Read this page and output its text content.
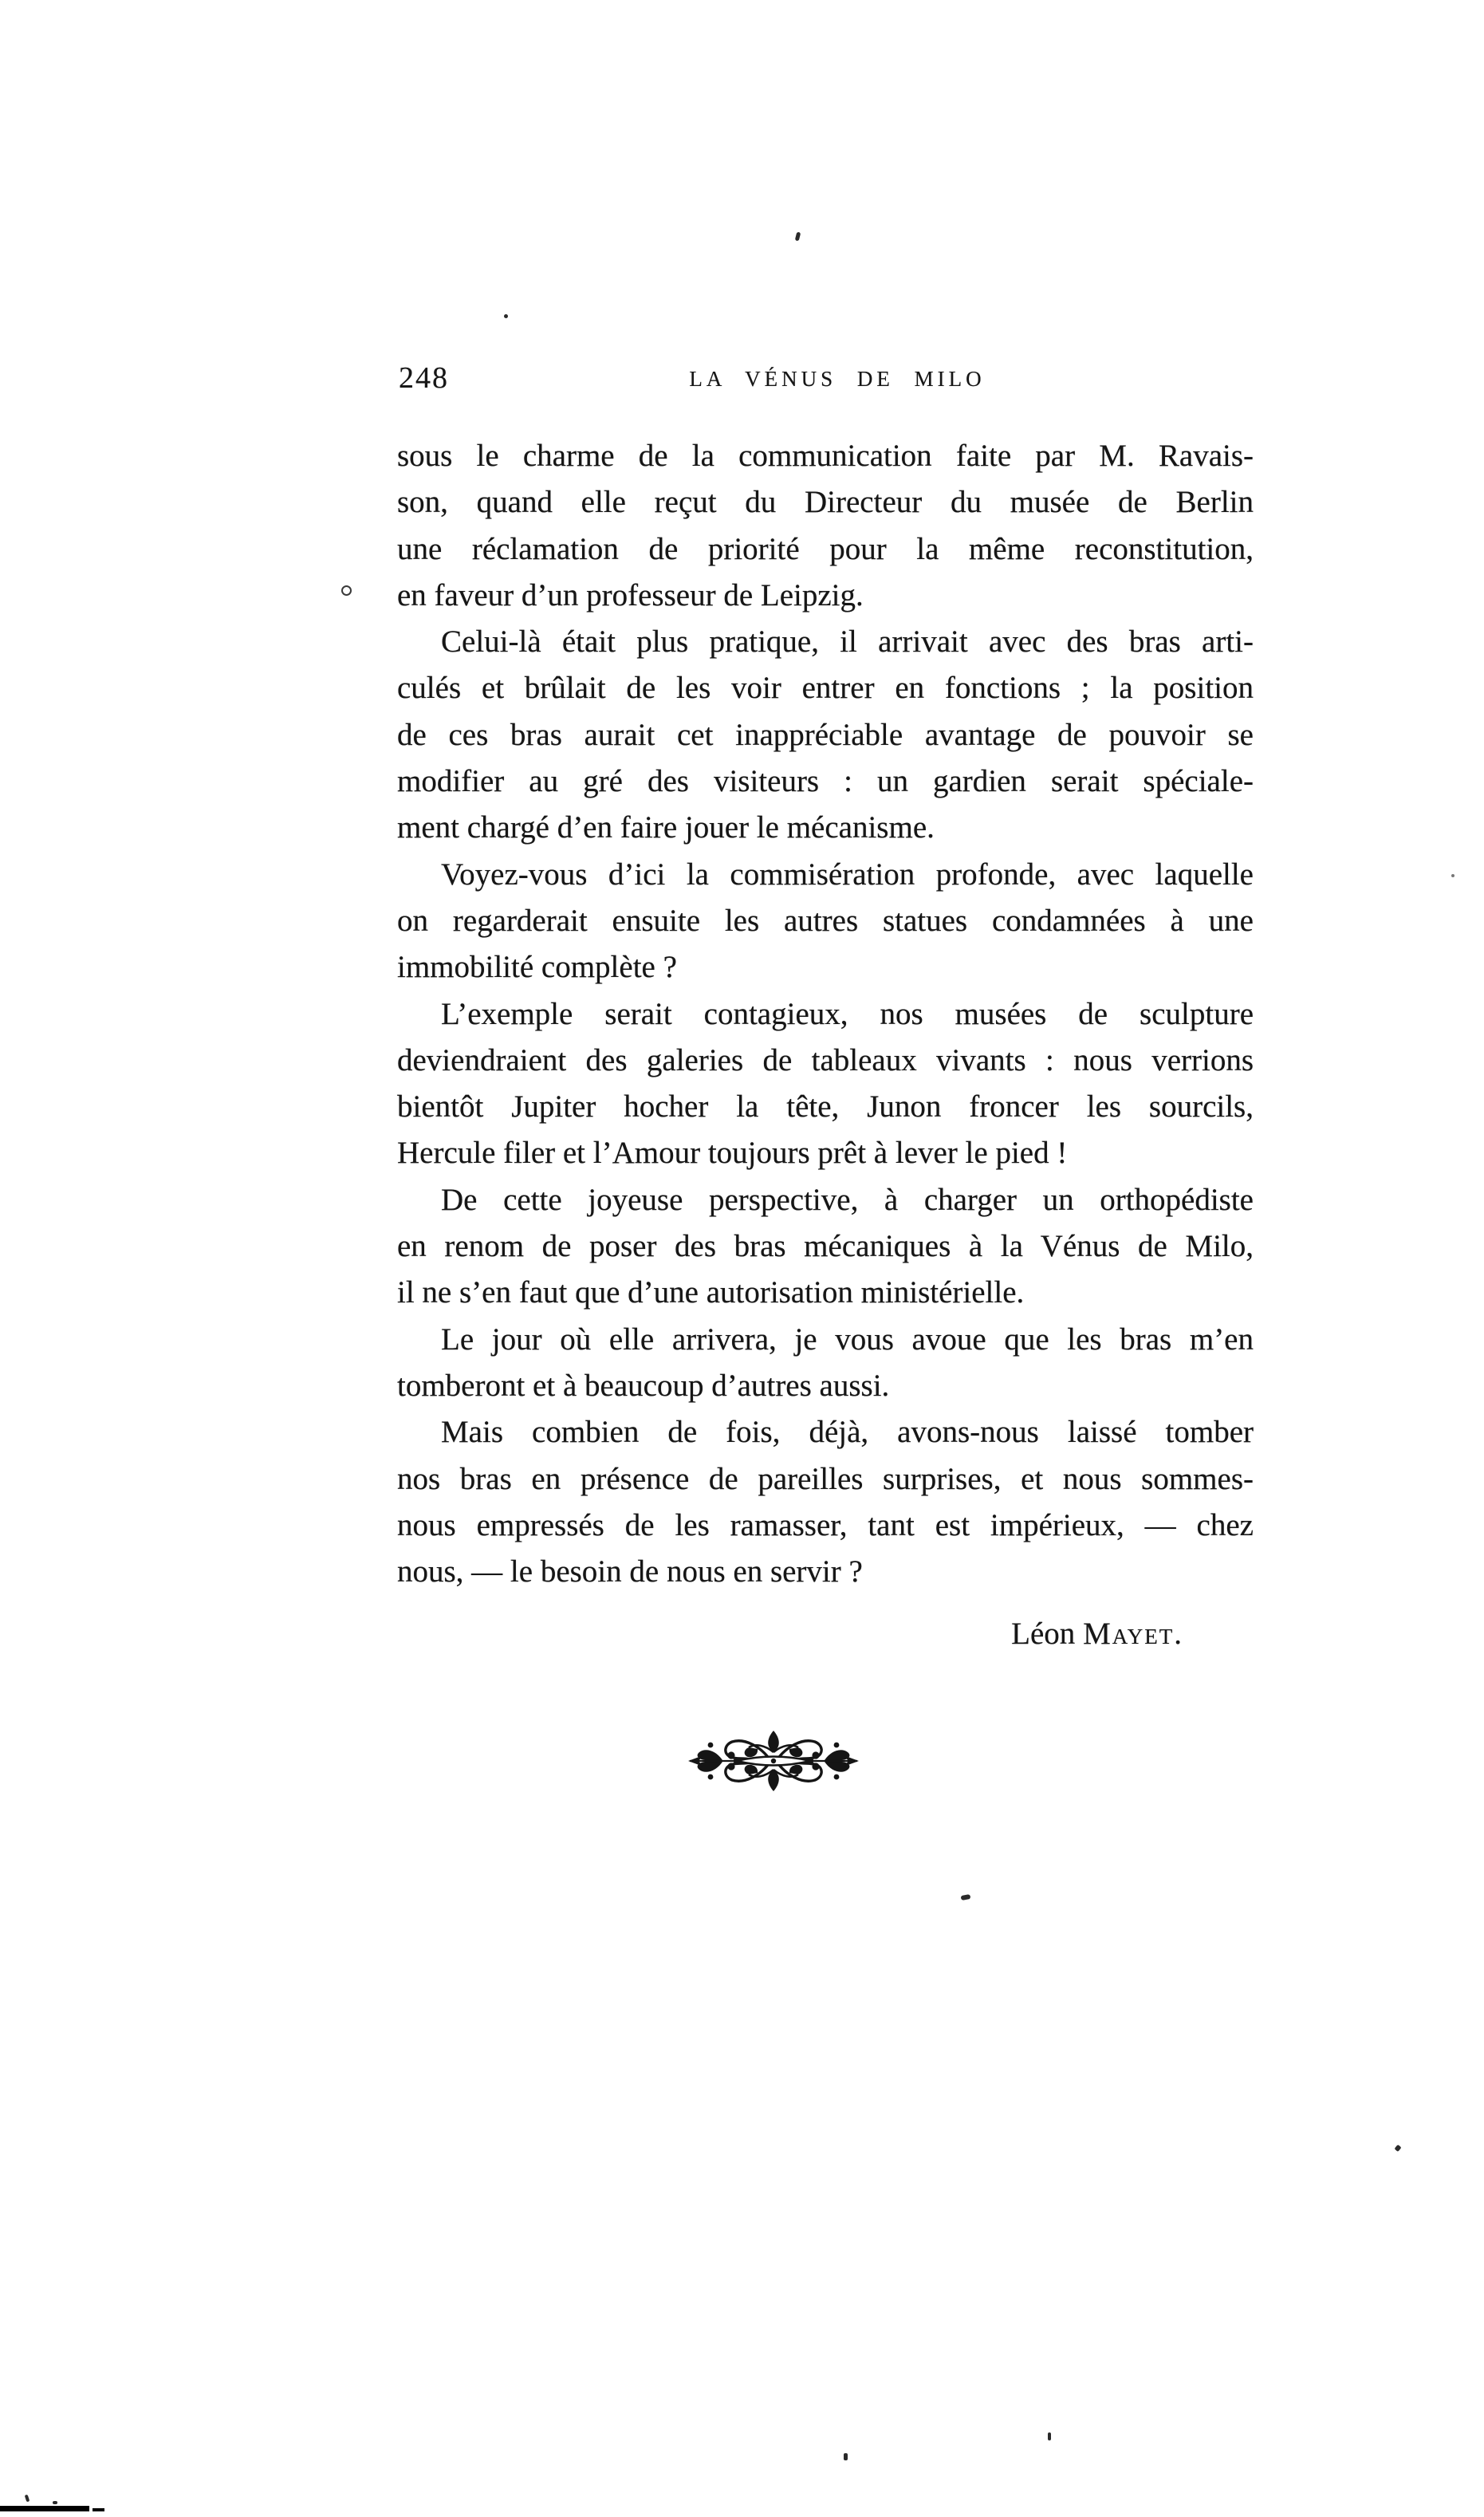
248	LA VÉNUS DE MILO
sous le charme de la communication faite par M. Ravais-
son, quand elle reçut du Directeur du musée de Berlin
une réclamation de priorité pour la même reconstitution,
en faveur d’un professeur de Leipzig.
Celui-là était plus pratique, il arrivait avec des bras arti-
culés et brûlait de les voir entrer en fonctions ; la position
de ces bras aurait cet inappréciable avantage de pouvoir se
modifier au gré des visiteurs : un gardien serait spéciale-
ment chargé d’en faire jouer le mécanisme.
Voyez-vous d’ici la commisération profonde, avec laquelle
on regarderait ensuite les autres statues condamnées à une
immobilité complète ?
L’exemple serait contagieux, nos musées de sculpture
deviendraient des galeries de tableaux vivants : nous verrions
bientôt Jupiter hocher la tête, Junon froncer les sourcils,
Hercule filer et l’Amour toujours prêt à lever le pied !
De cette joyeuse perspective, à charger un orthopédiste
en renom de poser des bras mécaniques à la Vénus de Milo,
il ne s’en faut que d’une autorisation ministérielle.
Le jour où elle arrivera, je vous avoue que les bras m’en
tomberont et à beaucoup d’autres aussi.
Mais combien de fois, déjà, avons-nous laissé tomber
nos bras en présence de pareilles surprises, et nous sommes-
nous empressés de les ramasser, tant est impérieux, — chez
nous, — le besoin de nous en servir ?
Léon Mayet.
